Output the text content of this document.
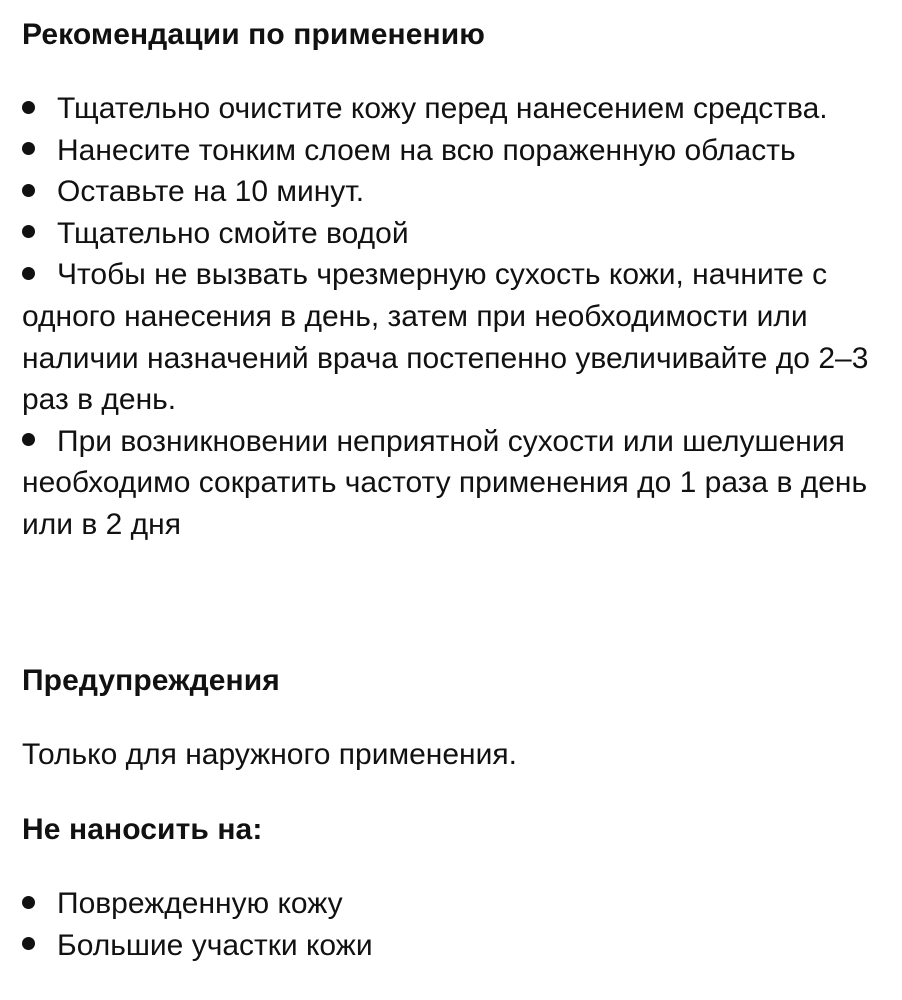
Рекомендации по применению
Тщательно очистите кожу перед нанесением средства.
Нанесите тонким слоем на всю пораженную область
Оставьте на 10 минут.
Тщательно смойте водой
Чтобы не вызвать чрезмерную сухость кожи, начните с одного нанесения в день, затем при необходимости или наличии назначений врача постепенно увеличивайте до 2–3 раз в день.
При возникновении неприятной сухости или шелушения необходимо сократить частоту применения до 1 раза в день или в 2 дня
Предупреждения

Только для наружного применения.

Не наносить на:
Поврежденную кожу
Большие участки кожи
